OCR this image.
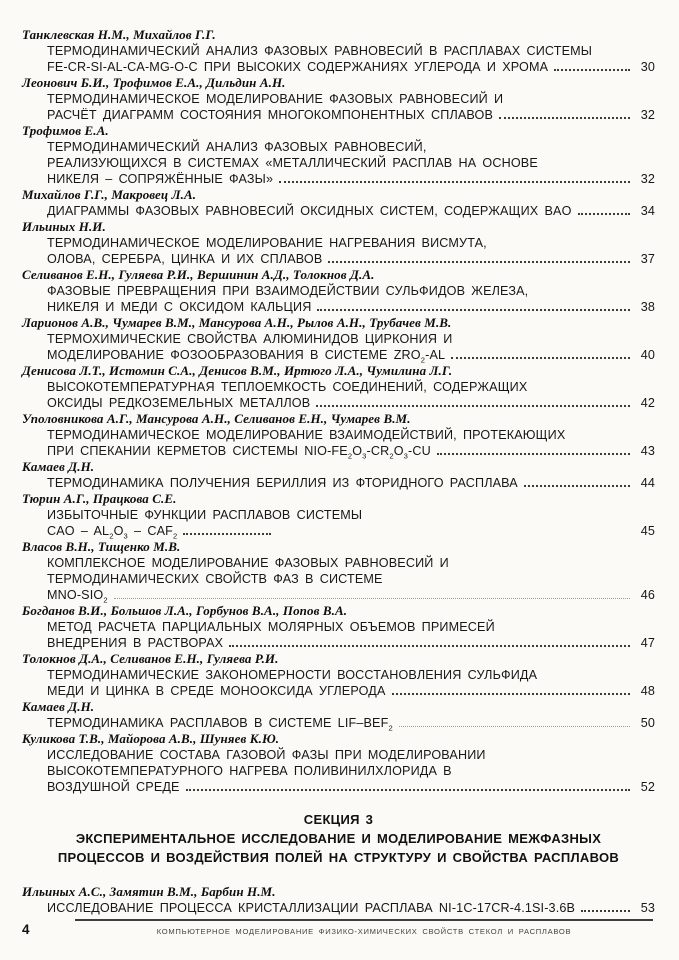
Танклевская Н.М., Михайлов Г.Г.
ТЕРМОДИНАМИЧЕСКИЙ АНАЛИЗ ФАЗОВЫХ РАВНОВЕСИЙ В РАСПЛАВАХ СИСТЕМЫ
FE-CR-SI-AL-CA-MG-O-C ПРИ ВЫСОКИХ СОДЕРЖАНИЯХ УГЛЕРОДА И ХРОМА	30
Леонович Б.И., Трофимов Е.А., Дильдин А.Н.
ТЕРМОДИНАМИЧЕСКОЕ МОДЕЛИРОВАНИЕ ФАЗОВЫХ РАВНОВЕСИЙ И
РАСЧЁТ ДИАГРАММ СОСТОЯНИЯ МНОГОКОМПОНЕНТНЫХ СПЛАВОВ	32
Трофимов Е.А.
ТЕРМОДИНАМИЧЕСКИЙ АНАЛИЗ ФАЗОВЫХ РАВНОВЕСИЙ,
РЕАЛИЗУЮЩИХСЯ В СИСТЕМАХ «МЕТАЛЛИЧЕСКИЙ РАСПЛАВ НА ОСНОВЕ
НИКЕЛЯ – СОПРЯЖЁННЫЕ ФАЗЫ»	32
Михайлов Г.Г., Макровец Л.А.
ДИАГРАММЫ ФАЗОВЫХ РАВНОВЕСИЙ ОКСИДНЫХ СИСТЕМ, СОДЕРЖАЩИХ BAO	34
Ильиных Н.И.
ТЕРМОДИНАМИЧЕСКОЕ МОДЕЛИРОВАНИЕ НАГРЕВАНИЯ ВИСМУТА,
ОЛОВА, СЕРЕБРА, ЦИНКА И ИХ СПЛАВОВ	37
Селиванов Е.Н., Гуляева Р.И., Вершинин А.Д., Толокнов Д.А.
ФАЗОВЫЕ ПРЕВРАЩЕНИЯ ПРИ ВЗАИМОДЕЙСТВИИ СУЛЬФИДОВ ЖЕЛЕЗА,
НИКЕЛЯ И МЕДИ С ОКСИДОМ КАЛЬЦИЯ	38
Ларионов А.В., Чумарев В.М., Мансурова А.Н., Рылов А.Н., Трубачев М.В.
ТЕРМОХИМИЧЕСКИЕ СВОЙСТВА АЛЮМИНИДОВ ЦИРКОНИЯ И
МОДЕЛИРОВАНИЕ ФОЗООБРАЗОВАНИЯ В СИСТЕМЕ $ZRO_2-AL$	40
Денисова Л.Т., Истомин С.А., Денисов В.М., Иртюго Л.А., Чумилина Л.Г.
ВЫСОКОТЕМПЕРАТУРНАЯ ТЕПЛОЕМКОСТЬ СОЕДИНЕНИЙ, СОДЕРЖАЩИХ
ОКСИДЫ РЕДКОЗЕМЕЛЬНЫХ МЕТАЛЛОВ	42
Уполовникова А.Г., Мансурова А.Н., Селиванов Е.Н., Чумарев В.М.
ТЕРМОДИНАМИЧЕСКОЕ МОДЕЛИРОВАНИЕ ВЗАИМОДЕЙСТВИЙ, ПРОТЕКАЮЩИХ
ПРИ СПЕКАНИИ КЕРМЕТОВ СИСТЕМЫ NIO-$FE_2O_3-CR_2O_3-CU$	43
Камаев Д.Н.
ТЕРМОДИНАМИКА ПОЛУЧЕНИЯ БЕРИЛЛИЯ ИЗ ФТОРИДНОГО РАСПЛАВА	44
Тюрин А.Г., Працкова С.Е.
ИЗБЫТОЧНЫЕ ФУНКЦИИ РАСПЛАВОВ СИСТЕМЫ
CAO – $AL_2O_3 - CAF_2$	45
Власов В.Н., Тищенко М.В.
КОМПЛЕКСНОЕ МОДЕЛИРОВАНИЕ ФАЗОВЫХ РАВНОВЕСИЙ И
ТЕРМОДИНАМИЧЕСКИХ СВОЙСТВ ФАЗ В СИСТЕМЕ
MNO-$SIO_2$	46
Богданов В.И., Большов Л.А., Горбунов В.А., Попов В.А.
МЕТОД РАСЧЕТА ПАРЦИАЛЬНЫХ МОЛЯРНЫХ ОБЪЕМОВ ПРИМЕСЕЙ
ВНЕДРЕНИЯ В РАСТВОРАХ	47
Толокнов Д.А., Селиванов Е.Н., Гуляева Р.И.
ТЕРМОДИНАМИЧЕСКИЕ ЗАКОНОМЕРНОСТИ ВОССТАНОВЛЕНИЯ СУЛЬФИДА
МЕДИ И ЦИНКА В СРЕДЕ МОНООКСИДА УГЛЕРОДА	48
Камаев Д.Н.
ТЕРМОДИНАМИКА РАСПЛАВОВ В СИСТЕМЕ LIF–$BEF_2$	50
Куликова Т.В., Майорова А.В., Шуняев К.Ю.
ИССЛЕДОВАНИЕ СОСТАВА ГАЗОВОЙ ФАЗЫ ПРИ МОДЕЛИРОВАНИИ
ВЫСОКОТЕМПЕРАТУРНОГО НАГРЕВА ПОЛИВИНИЛХЛОРИДА В
ВОЗДУШНОЙ СРЕДЕ	52
СЕКЦИЯ 3
ЭКСПЕРИМЕНТАЛЬНОЕ ИССЛЕДОВАНИЕ И МОДЕЛИРОВАНИЕ МЕЖФАЗНЫХ
ПРОЦЕССОВ И ВОЗДЕЙСТВИЯ ПОЛЕЙ НА СТРУКТУРУ И СВОЙСТВА РАСПЛАВОВ
Ильиных А.С., Замятин В.М., Барбин Н.М.
ИССЛЕДОВАНИЕ ПРОЦЕССА КРИСТАЛЛИЗАЦИИ РАСПЛАВА NI-1C-17CR-4.1SI-3.6B	53
4	КОМПЬЮТЕРНОЕ МОДЕЛИРОВАНИЕ ФИЗИКО-ХИМИЧЕСКИХ СВОЙСТВ СТЕКОЛ И РАСПЛАВОВ
